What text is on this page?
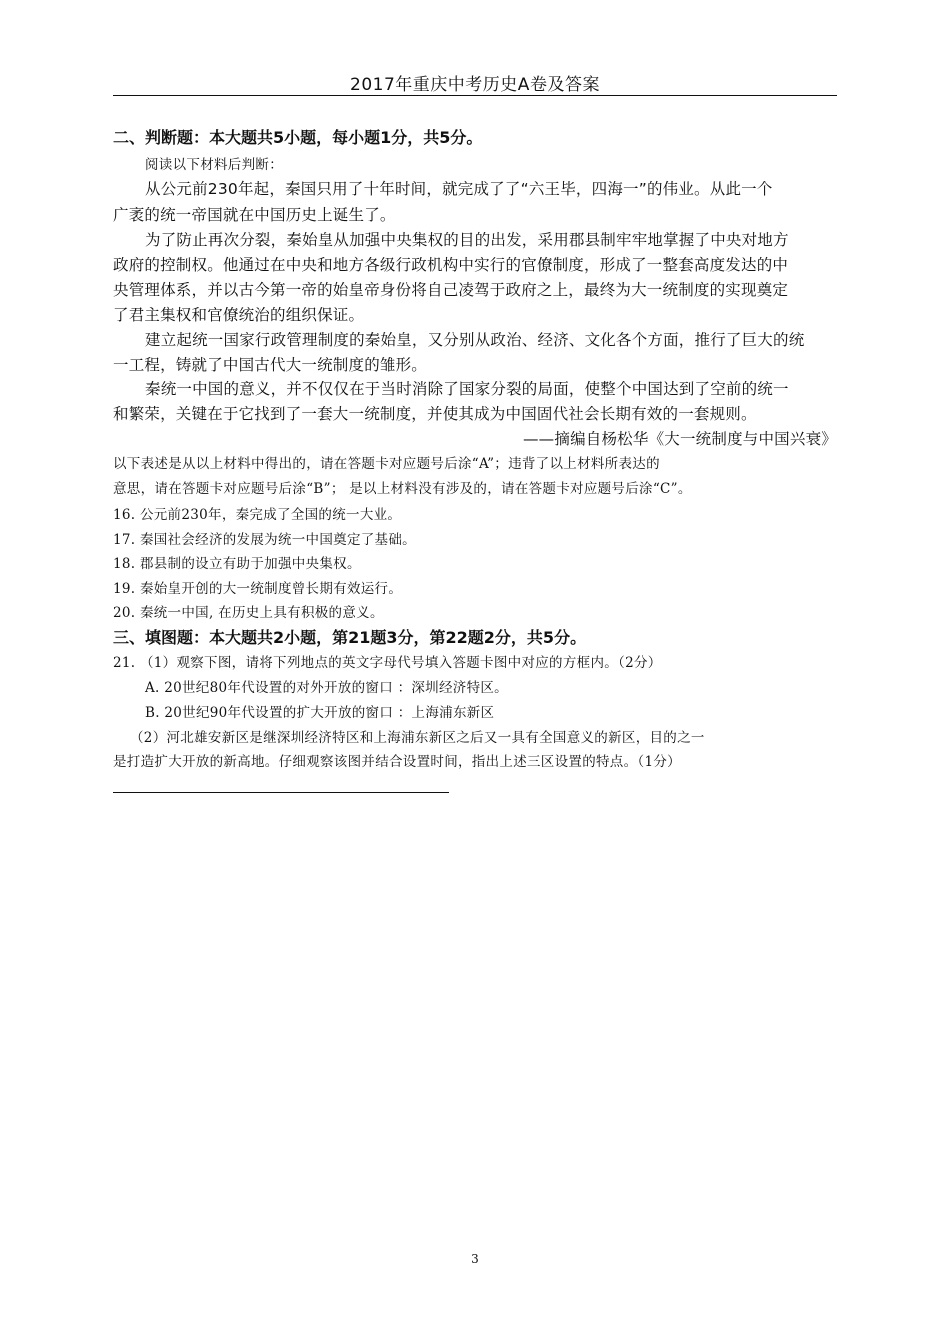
2017年重庆中考历史A卷及答案
二、判断题：本大题共5小题，每小题1分，共5分。
阅读以下材料后判断：
从公元前230年起，秦国只用了十年时间，就完成了了“六王毕，四海一”的伟业。从此一个
广袤的统一帝国就在中国历史上诞生了。
为了防止再次分裂，秦始皇从加强中央集权的目的出发，采用郡县制牢牢地掌握了中央对地方
政府的控制权。他通过在中央和地方各级行政机构中实行的官僚制度，形成了一整套高度发达的中
央管理体系，并以古今第一帝的始皇帝身份将自己凌驾于政府之上，最终为大一统制度的实现奠定
了君主集权和官僚统治的组织保证。
建立起统一国家行政管理制度的秦始皇，又分别从政治、经济、文化各个方面，推行了巨大的统
一工程，铸就了中国古代大一统制度的雏形。
秦统一中国的意义，并不仅仅在于当时消除了国家分裂的局面，使整个中国达到了空前的统一
和繁荣，关键在于它找到了一套大一统制度，并使其成为中国固代社会长期有效的一套规则。
——摘编自杨松华《大一统制度与中国兴衰》
以下表述是从以上材料中得出的，请在答题卡对应题号后涂“A”；违背了以上材料所表达的
意思，请在答题卡对应题号后涂“B”； 是以上材料没有涉及的，请在答题卡对应题号后涂“C”。
16. 公元前230年，秦完成了全国的统一大业。
17. 秦国社会经济的发展为统一中国奠定了基础。
18. 郡县制的设立有助于加强中央集权。
19. 秦始皇开创的大一统制度曾长期有效运行。
20. 秦统一中国, 在历史上具有积极的意义。
三、填图题：本大题共2小题，第21题3分，第22题2分，共5分。
21. （1）观察下图，请将下列地点的英文字母代号填入答题卡图中对应的方框内。（2分）
A. 20世纪80年代设置的对外开放的窗口 ：深圳经济特区。
B. 20世纪90年代设置的扩大开放的窗口 ：上海浦东新区
（2）河北雄安新区是继深圳经济特区和上海浦东新区之后又一具有全国意义的新区，目的之一
是打造扩大开放的新高地。仔细观察该图并结合设置时间，指出上述三区设置的特点。（1分）
3
